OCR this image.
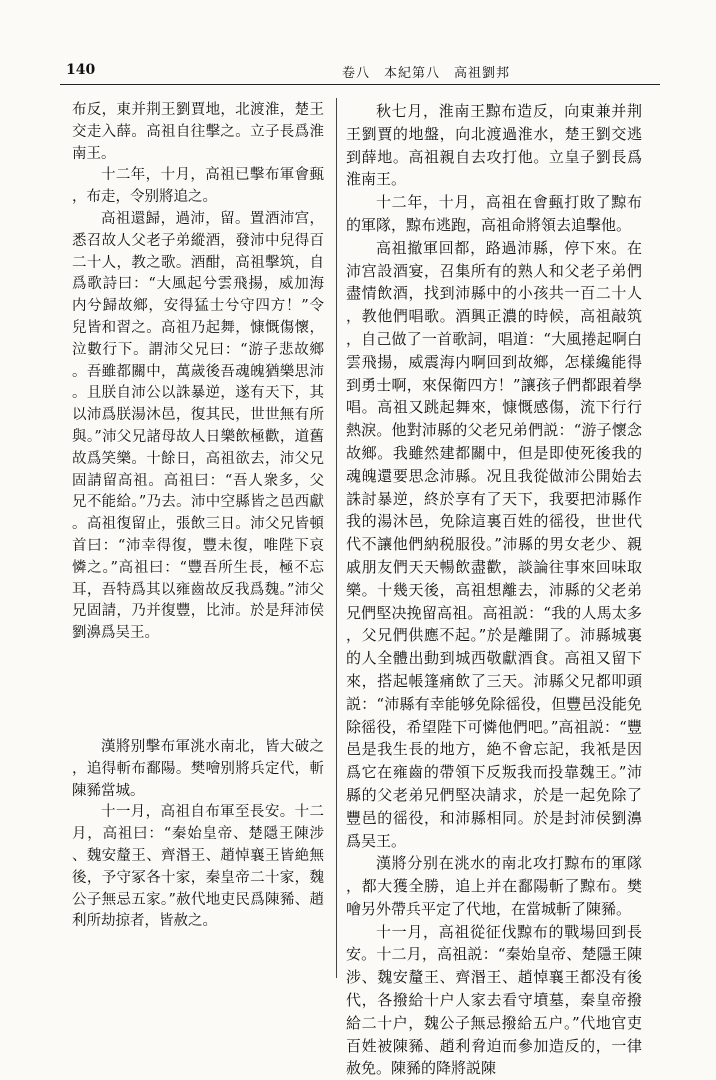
140	卷八　本紀第八　高祖劉邦

布反，東并荆王劉賈地，北渡淮，楚王交走入薛。高祖自往擊之。立子長爲淮南王。

十二年，十月，高祖已擊布軍會甀，布走，令别將追之。

高祖還歸，過沛，留。置酒沛宫，悉召故人父老子弟縱酒，發沛中兒得百二十人，教之歌。酒酣，高祖擊筑，自爲歌詩曰：“大風起兮雲飛揚，威加海内兮歸故鄉，安得猛士兮守四方！”令兒皆和習之。高祖乃起舞，慷慨傷懷，泣數行下。謂沛父兄曰：“游子悲故鄉。吾雖都關中，萬歲後吾魂魄猶樂思沛。且朕自沛公以誅暴逆，遂有天下，其以沛爲朕湯沐邑，復其民，世世無有所與。”沛父兄諸母故人日樂飲極歡，道舊故爲笑樂。十餘日，高祖欲去，沛父兄固請留高祖。高祖曰：“吾人衆多，父兄不能給。”乃去。沛中空縣皆之邑西獻。高祖復留止，張飲三日。沛父兄皆頓首曰：“沛幸得復，豐未復，唯陛下哀憐之。”高祖曰：“豐吾所生長，極不忘耳，吾特爲其以雍齒故反我爲魏。”沛父兄固請，乃并復豐，比沛。於是拜沛侯劉濞爲吴王。

漢將别擊布軍洮水南北，皆大破之，追得斬布鄱陽。樊噲别將兵定代，斬陳豨當城。

十一月，高祖自布軍至長安。十二月，高祖曰：“秦始皇帝、楚隱王陳涉、魏安釐王、齊湣王、趙悼襄王皆絶無後，予守冢各十家，秦皇帝二十家，魏公子無忌五家。”赦代地吏民爲陳豨、趙利所劫掠者，皆赦之。

秋七月，淮南王黥布造反，向東兼并荆王劉賈的地盤，向北渡過淮水，楚王劉交逃到薛地。高祖親自去攻打他。立皇子劉長爲淮南王。

十二年，十月，高祖在會甀打敗了黥布的軍隊，黥布逃跑，高祖命將領去追擊他。

高祖撤軍回都，路過沛縣，停下來。在沛宫設酒宴，召集所有的熟人和父老子弟們盡情飲酒，找到沛縣中的小孩共一百二十人，教他們唱歌。酒興正濃的時候，高祖敲筑，自己做了一首歌詞，唱道：“大風捲起啊白雲飛揚，威震海内啊回到故鄉，怎樣纔能得到勇士啊，來保衛四方！”讓孩子們都跟着學唱。高祖又跳起舞來，慷慨感傷，流下行行熱淚。他對沛縣的父老兄弟們説：“游子懷念故鄉。我雖然建都關中，但是即使死後我的魂魄還要思念沛縣。况且我從做沛公開始去誅討暴逆，終於享有了天下，我要把沛縣作我的湯沐邑，免除這裏百姓的徭役，世世代代不讓他們納税服役。”沛縣的男女老少、親戚朋友們天天暢飲盡歡，談論往事來回味取樂。十幾天後，高祖想離去，沛縣的父老弟兄們堅决挽留高祖。高祖説：“我的人馬太多，父兄們供應不起。”於是離開了。沛縣城裏的人全體出動到城西敬獻酒食。高祖又留下來，搭起帳篷痛飲了三天。沛縣父兄都叩頭説：“沛縣有幸能够免除徭役，但豐邑没能免除徭役，希望陛下可憐他們吧。”高祖説：“豐邑是我生長的地方，絶不會忘記，我衹是因爲它在雍齒的帶領下反叛我而投靠魏王。”沛縣的父老弟兄們堅决請求，於是一起免除了豐邑的徭役，和沛縣相同。於是封沛侯劉濞爲吴王。

漢將分别在洮水的南北攻打黥布的軍隊，都大獲全勝，追上并在鄱陽斬了黥布。樊噲另外帶兵平定了代地，在當城斬了陳豨。

十一月，高祖從征伐黥布的戰場回到長安。十二月，高祖説：“秦始皇帝、楚隱王陳涉、魏安釐王、齊湣王、趙悼襄王都没有後代，各撥給十户人家去看守墳墓，秦皇帝撥給二十户，魏公子無忌撥給五户。”代地官吏百姓被陳豨、趙利脅迫而參加造反的，一律赦免。陳豨的降將説陳
